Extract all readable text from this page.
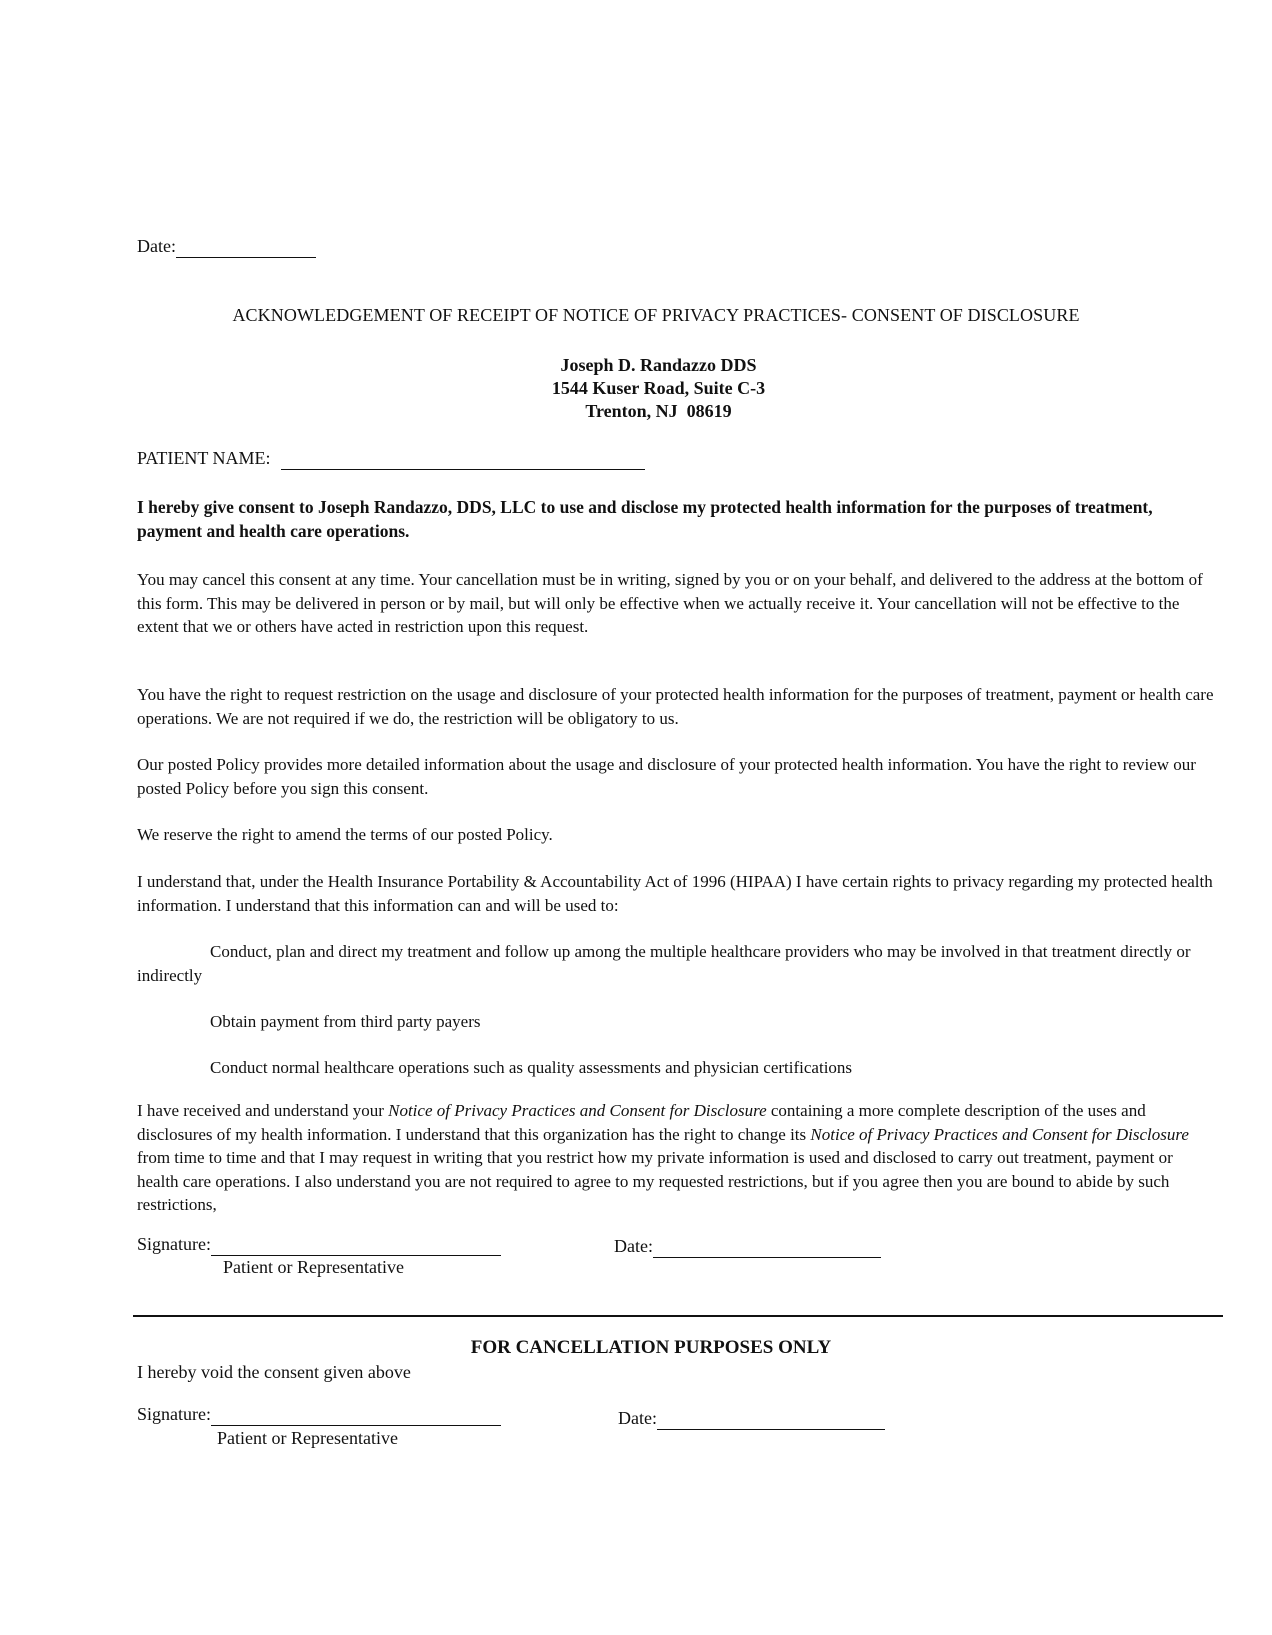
Date:
ACKNOWLEDGEMENT OF RECEIPT OF NOTICE OF PRIVACY PRACTICES- CONSENT OF DISCLOSURE
Joseph D. Randazzo DDS
1544 Kuser Road, Suite C-3
Trenton, NJ  08619
PATIENT NAME:
I hereby give consent to Joseph Randazzo, DDS, LLC to use and disclose my protected health information for the purposes of treatment, payment and health care operations.
You may cancel this consent at any time. Your cancellation must be in writing, signed by you or on your behalf, and delivered to the address at the bottom of this form. This may be delivered in person or by mail, but will only be effective when we actually receive it. Your cancellation will not be effective to the extent that we or others have acted in restriction upon this request.
You have the right to request restriction on the usage and disclosure of your protected health information for the purposes of treatment, payment or health care operations. We are not required if we do, the restriction will be obligatory to us.
Our posted Policy provides more detailed information about the usage and disclosure of your protected health information. You have the right to review our posted Policy before you sign this consent.
We reserve the right to amend the terms of our posted Policy.
I understand that, under the Health Insurance Portability & Accountability Act of 1996 (HIPAA) I have certain rights to privacy regarding my protected health information. I understand that this information can and will be used to:
Conduct, plan and direct my treatment and follow up among the multiple healthcare providers who may be involved in that treatment directly or indirectly
Obtain payment from third party payers
Conduct normal healthcare operations such as quality assessments and physician certifications
I have received and understand your Notice of Privacy Practices and Consent for Disclosure containing a more complete description of the uses and disclosures of my health information. I understand that this organization has the right to change its Notice of Privacy Practices and Consent for Disclosure from time to time and that I may request in writing that you restrict how my private information is used and disclosed to carry out treatment, payment or health care operations. I also understand you are not required to agree to my requested restrictions, but if you agree then you are bound to abide by such restrictions,
Signature:
Patient or Representative
Date:
FOR CANCELLATION PURPOSES ONLY
I hereby void the consent given above
Signature:
Patient or Representative
Date:
